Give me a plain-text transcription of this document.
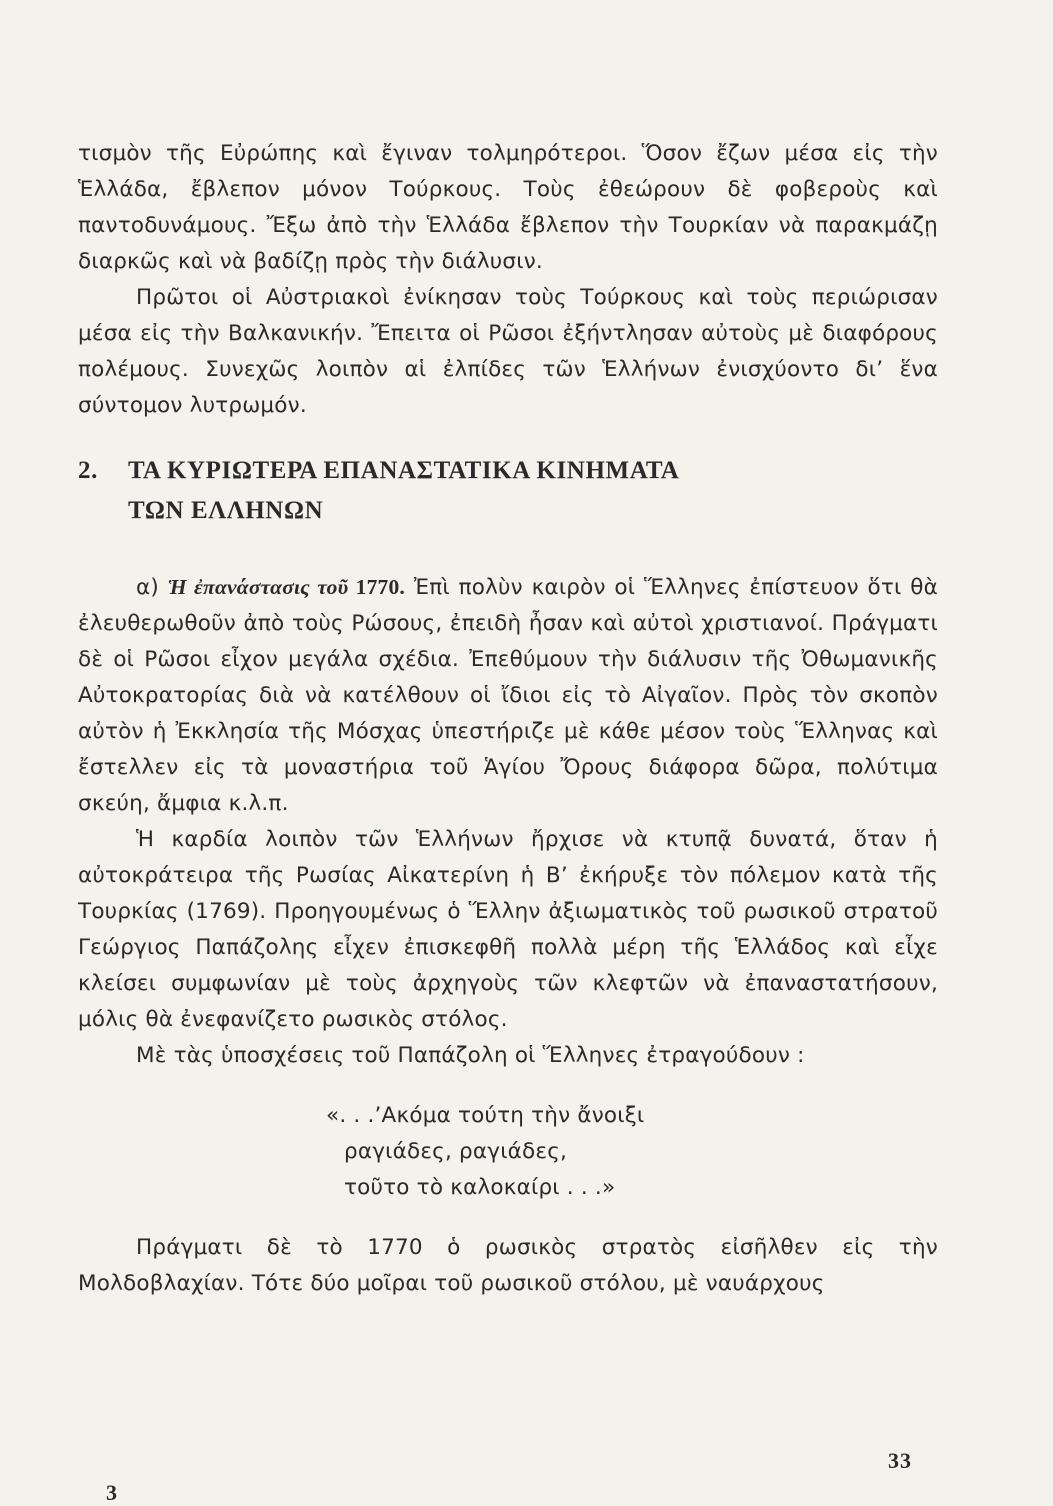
τισμὸν τῆς Εὐρώπης καὶ ἔγιναν τολμηρότεροι. Ὅσον ἔζων μέσα εἰς τὴν Ἑλλάδα, ἔβλεπον μόνον Τούρκους. Τοὺς ἐθεώρουν δὲ φοβεροὺς καὶ παντοδυνάμους. Ἔξω ἀπὸ τὴν Ἑλλάδα ἔβλεπον τὴν Τουρκίαν νὰ παρακμάζῃ διαρκῶς καὶ νὰ βαδίζῃ πρὸς τὴν διάλυσιν.

Πρῶτοι οἱ Αὐστριακοὶ ἐνίκησαν τοὺς Τούρκους καὶ τοὺς περιώρισαν μέσα εἰς τὴν Βαλκανικήν. Ἔπειτα οἱ Ρῶσοι ἐξήντλησαν αὐτοὺς μὲ διαφόρους πολέμους. Συνεχῶς λοιπὸν αἱ ἐλπίδες τῶν Ἑλλήνων ἐνισχύοντο δι’ ἕνα σύντομον λυτρωμόν.

2. ΤΑ ΚΥΡΙΩΤΕΡΑ ΕΠΑΝΑΣΤΑΤΙΚΑ ΚΙΝΗΜΑΤΑ
ΤΩΝ ΕΛΛΗΝΩΝ

α) Ἡ ἐπανάστασις τοῦ 1770. Ἐπὶ πολὺν καιρὸν οἱ Ἕλληνες ἐπίστευον ὅτι θὰ ἐλευθερωθοῦν ἀπὸ τοὺς Ρώσους, ἐπειδὴ ἦσαν καὶ αὐτοὶ χριστιανοί. Πράγματι δὲ οἱ Ρῶσοι εἶχον μεγάλα σχέδια. Ἐπεθύμουν τὴν διάλυσιν τῆς Ὀθωμανικῆς Αὐτοκρατορίας διὰ νὰ κατέλθουν οἱ ἴδιοι εἰς τὸ Αἰγαῖον. Πρὸς τὸν σκοπὸν αὐτὸν ἡ Ἐκκλησία τῆς Μόσχας ὑπεστήριζε μὲ κάθε μέσον τοὺς Ἕλληνας καὶ ἔστελλεν εἰς τὰ μοναστήρια τοῦ Ἁγίου Ὄρους διάφορα δῶρα, πολύτιμα σκεύη, ἄμφια κ.λ.π.

Ἡ καρδία λοιπὸν τῶν Ἑλλήνων ἤρχισε νὰ κτυπᾷ δυνατά, ὅταν ἡ αὐτοκράτειρα τῆς Ρωσίας Αἰκατερίνη ἡ Β’ ἐκήρυξε τὸν πόλεμον κατὰ τῆς Τουρκίας (1769). Προηγουμένως ὁ Ἕλλην ἀξιωματικὸς τοῦ ρωσικοῦ στρατοῦ Γεώργιος Παπάζολης εἶχεν ἐπισκεφθῆ πολλὰ μέρη τῆς Ἑλλάδος καὶ εἶχε κλείσει συμφωνίαν μὲ τοὺς ἀρχηγοὺς τῶν κλεφτῶν νὰ ἐπαναστατήσουν, μόλις θὰ ἐνεφανίζετο ρωσικὸς στόλος.

Μὲ τὰς ὑποσχέσεις τοῦ Παπάζολη οἱ Ἕλληνες ἐτραγούδουν :

«. . .’Ακόμα τούτη τὴν ἄνοιξι
ραγιάδες, ραγιάδες,
τοῦτο τὸ καλοκαίρι . . .»

Πράγματι δὲ τὸ 1770 ὁ ρωσικὸς στρατὸς εἰσῆλθεν εἰς τὴν Μολδοβλαχίαν. Τότε δύο μοῖραι τοῦ ρωσικοῦ στόλου, μὲ ναυάρχους

33
3
